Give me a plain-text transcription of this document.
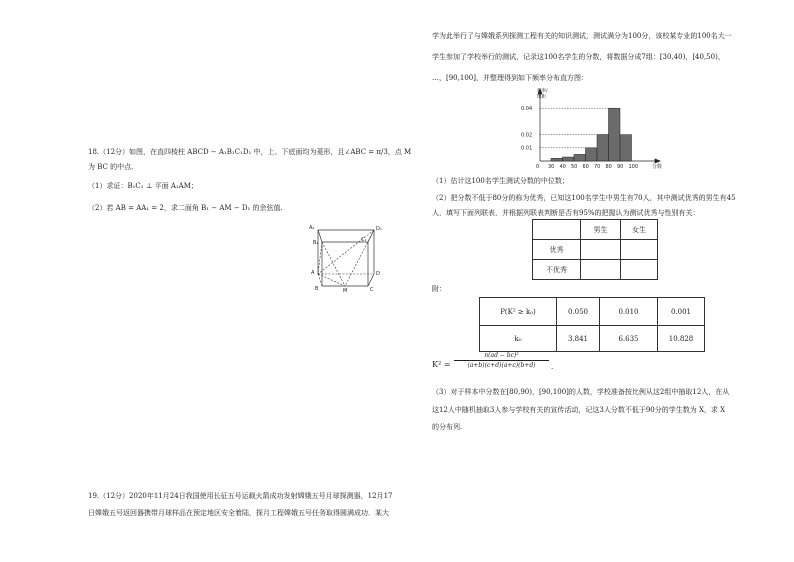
18.（12分）如图，在直四棱柱 ABCD − A₁B₁C₁D₁ 中，上、下底面均为菱形，且∠ABC = π/3，点 M
为 BC 的中点.
（1）求证：B₁C₁ ⊥ 平面 A₁AM；
（2）若 AB = AA₁ = 2，求二面角 B₁ − AM − D₁ 的余弦值.
A₁
B₁	C₁
D₁
A
B	C
D
M
19.（12分）2020年11月24日我国使用长征五号运载火箭成功发射嫦娥五号月球探测器，12月17
日嫦娥五号返回器携带月球样品在预定地区安全着陆，探月工程嫦娥五号任务取得圆满成功．某大
学为此举行了与嫦娥系列探测工程有关的知识测试，测试满分为100分，该校某专业的100名大一
学生参加了学校举行的测试，记录这100名学生的分数，将数据分成7组：[30,40)，[40,50)，
…，[90,100]，并整理得到如下频率分布直方图：
0.04
0.02
0.01
0 30 40 50 60 70 80 90 100
频率/ 组距
分数
（1）估计这100名学生测试分数的中位数；
（2）把分数不低于80分的称为优秀，已知这100名学生中男生有70人，其中测试优秀的男生有45
人，填写下面列联表，并根据列联表判断是否有95%的把握认为测试优秀与性别有关：
	男生	女生
优秀		
不优秀		
附：
P(K² ≥ k₀)	0.050	0.010	0.001
k₀	3.841	6.635	10.828
$K^2 = \frac{\text{n(ad − bc)²}}{(a+b)(c+d)(a+c)(b+d)}$ .
（3）对于样本中分数在[80,90)，[90,100]的人数，学校准备按比例从这2组中抽取12人，在从
这12人中随机抽取3人参与学校有关的宣传活动，记这3人分数不低于90分的学生数为 X，求 X
的分布列.
